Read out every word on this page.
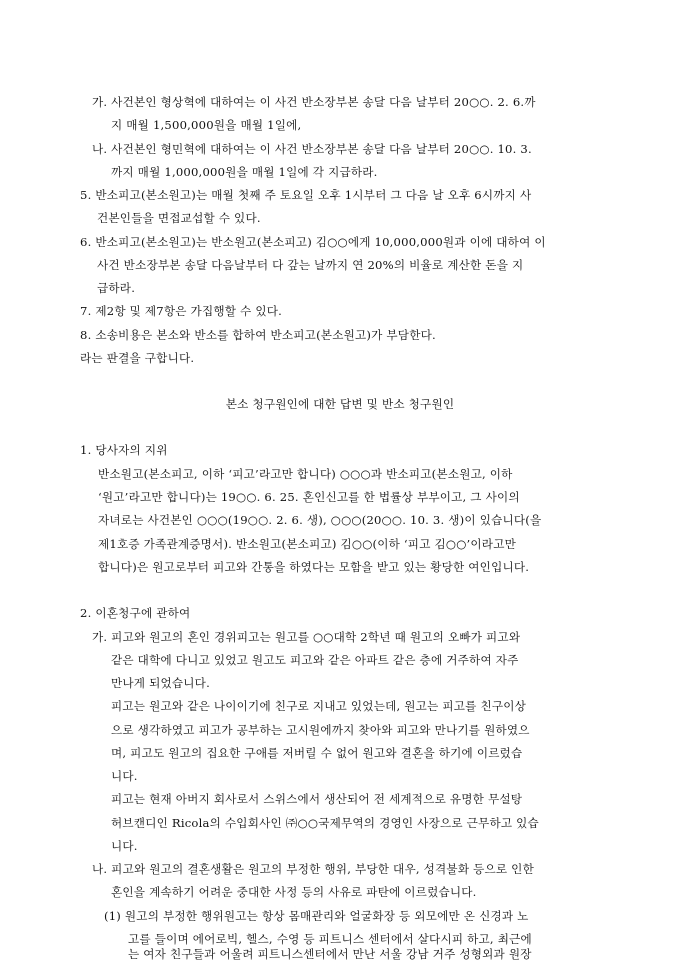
가. 사건본인 형상혁에 대하여는 이 사건 반소장부본 송달 다음 날부터 20○○. 2. 6.까
지 매월 1,500,000원을 매월 1일에,
나. 사건본인 형민혁에 대하여는 이 사건 반소장부본 송달 다음 날부터 20○○. 10. 3.
까지 매월 1,000,000원을 매월 1일에 각 지급하라.
5. 반소피고(본소원고)는 매월 첫째 주 토요일 오후 1시부터 그 다음 날 오후 6시까지 사
건본인들을 면접교섭할 수 있다.
6. 반소피고(본소원고)는 반소원고(본소피고) 김○○에게 10,000,000원과 이에 대하여 이
사건 반소장부본 송달 다음날부터 다 갚는 날까지 연 20%의 비율로 계산한 돈을 지
급하라.
7. 제2항 및 제7항은 가집행할 수 있다.
8. 소송비용은 본소와 반소를 합하여 반소피고(본소원고)가 부담한다.
라는 판결을 구합니다.
본소 청구원인에 대한 답변 및 반소 청구원인
1. 당사자의 지위
반소원고(본소피고, 이하 ‘피고’라고만 합니다) ○○○과 반소피고(본소원고, 이하
‘원고’라고만 합니다)는 19○○. 6. 25. 혼인신고를 한 법률상 부부이고, 그 사이의
자녀로는 사건본인 ○○○(19○○. 2. 6. 생), ○○○(20○○. 10. 3. 생)이 있습니다(을
제1호증 가족관계증명서). 반소원고(본소피고) 김○○(이하 ‘피고 김○○’이라고만
합니다)은 원고로부터 피고와 간통을 하였다는 모함을 받고 있는 황당한 여인입니다.
2. 이혼청구에 관하여
가. 피고와 원고의 혼인 경위피고는 원고를 ○○대학 2학년 때 원고의 오빠가 피고와
같은 대학에 다니고 있었고 원고도 피고와 같은 아파트 같은 층에 거주하여 자주
만나게 되었습니다.
피고는 원고와 같은 나이이기에 친구로 지내고 있었는데, 원고는 피고를 친구이상
으로 생각하였고 피고가 공부하는 고시원에까지 찾아와 피고와 만나기를 원하였으
며, 피고도 원고의 집요한 구애를 저버릴 수 없어 원고와 결혼을 하기에 이르렀습
니다.
피고는 현재 아버지 회사로서 스위스에서 생산되어 전 세계적으로 유명한 무설탕
허브캔디인 Ricola의 수입회사인 ㈜○○국제무역의 경영인 사장으로 근무하고 있습
니다.
나. 피고와 원고의 결혼생활은 원고의 부정한 행위, 부당한 대우, 성격불화 등으로 인한
혼인을 계속하기 어려운 중대한 사정 등의 사유로 파탄에 이르렀습니다.
(1) 원고의 부정한 행위원고는 항상 몸매관리와 얼굴화장 등 외모에만 온 신경과 노
고를 들이며 에어로빅, 헬스, 수영 등 피트니스 센터에서 살다시피 하고, 최근에
는 여자 친구들과 어울려 피트니스센터에서 만난 서울 강남 거주 성형외과 원장
